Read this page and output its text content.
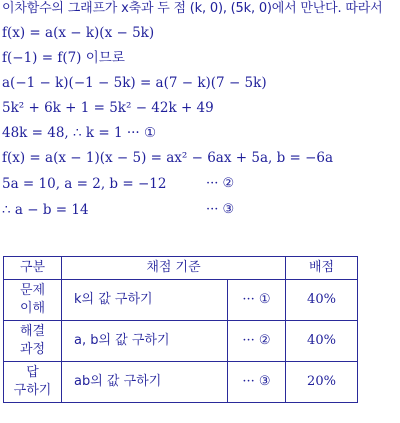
이차함수의 그래프가 x축과 두 점 (k, 0), (5k, 0)에서 만난다. 따라서
f(x) = a(x − k)(x − 5k)
f(−1) = f(7) 이므로
a(−1 − k)(−1 − 5k) = a(7 − k)(7 − 5k)
5k² + 6k + 1 = 5k² − 42k + 49
48k = 48, ∴ k = 1 ··· ①
f(x) = a(x − 1)(x − 5) = ax² − 6ax + 5a, b = −6a
5a = 10, a = 2, b = −12	··· ②
∴ a − b = 14	··· ③
구분	채점 기준		배점

문제
이해	k의 값 구하기	··· ①	40%

해결
과정	a, b의 값 구하기	··· ②	40%

답
구하기	ab의 값 구하기	··· ③	20%
